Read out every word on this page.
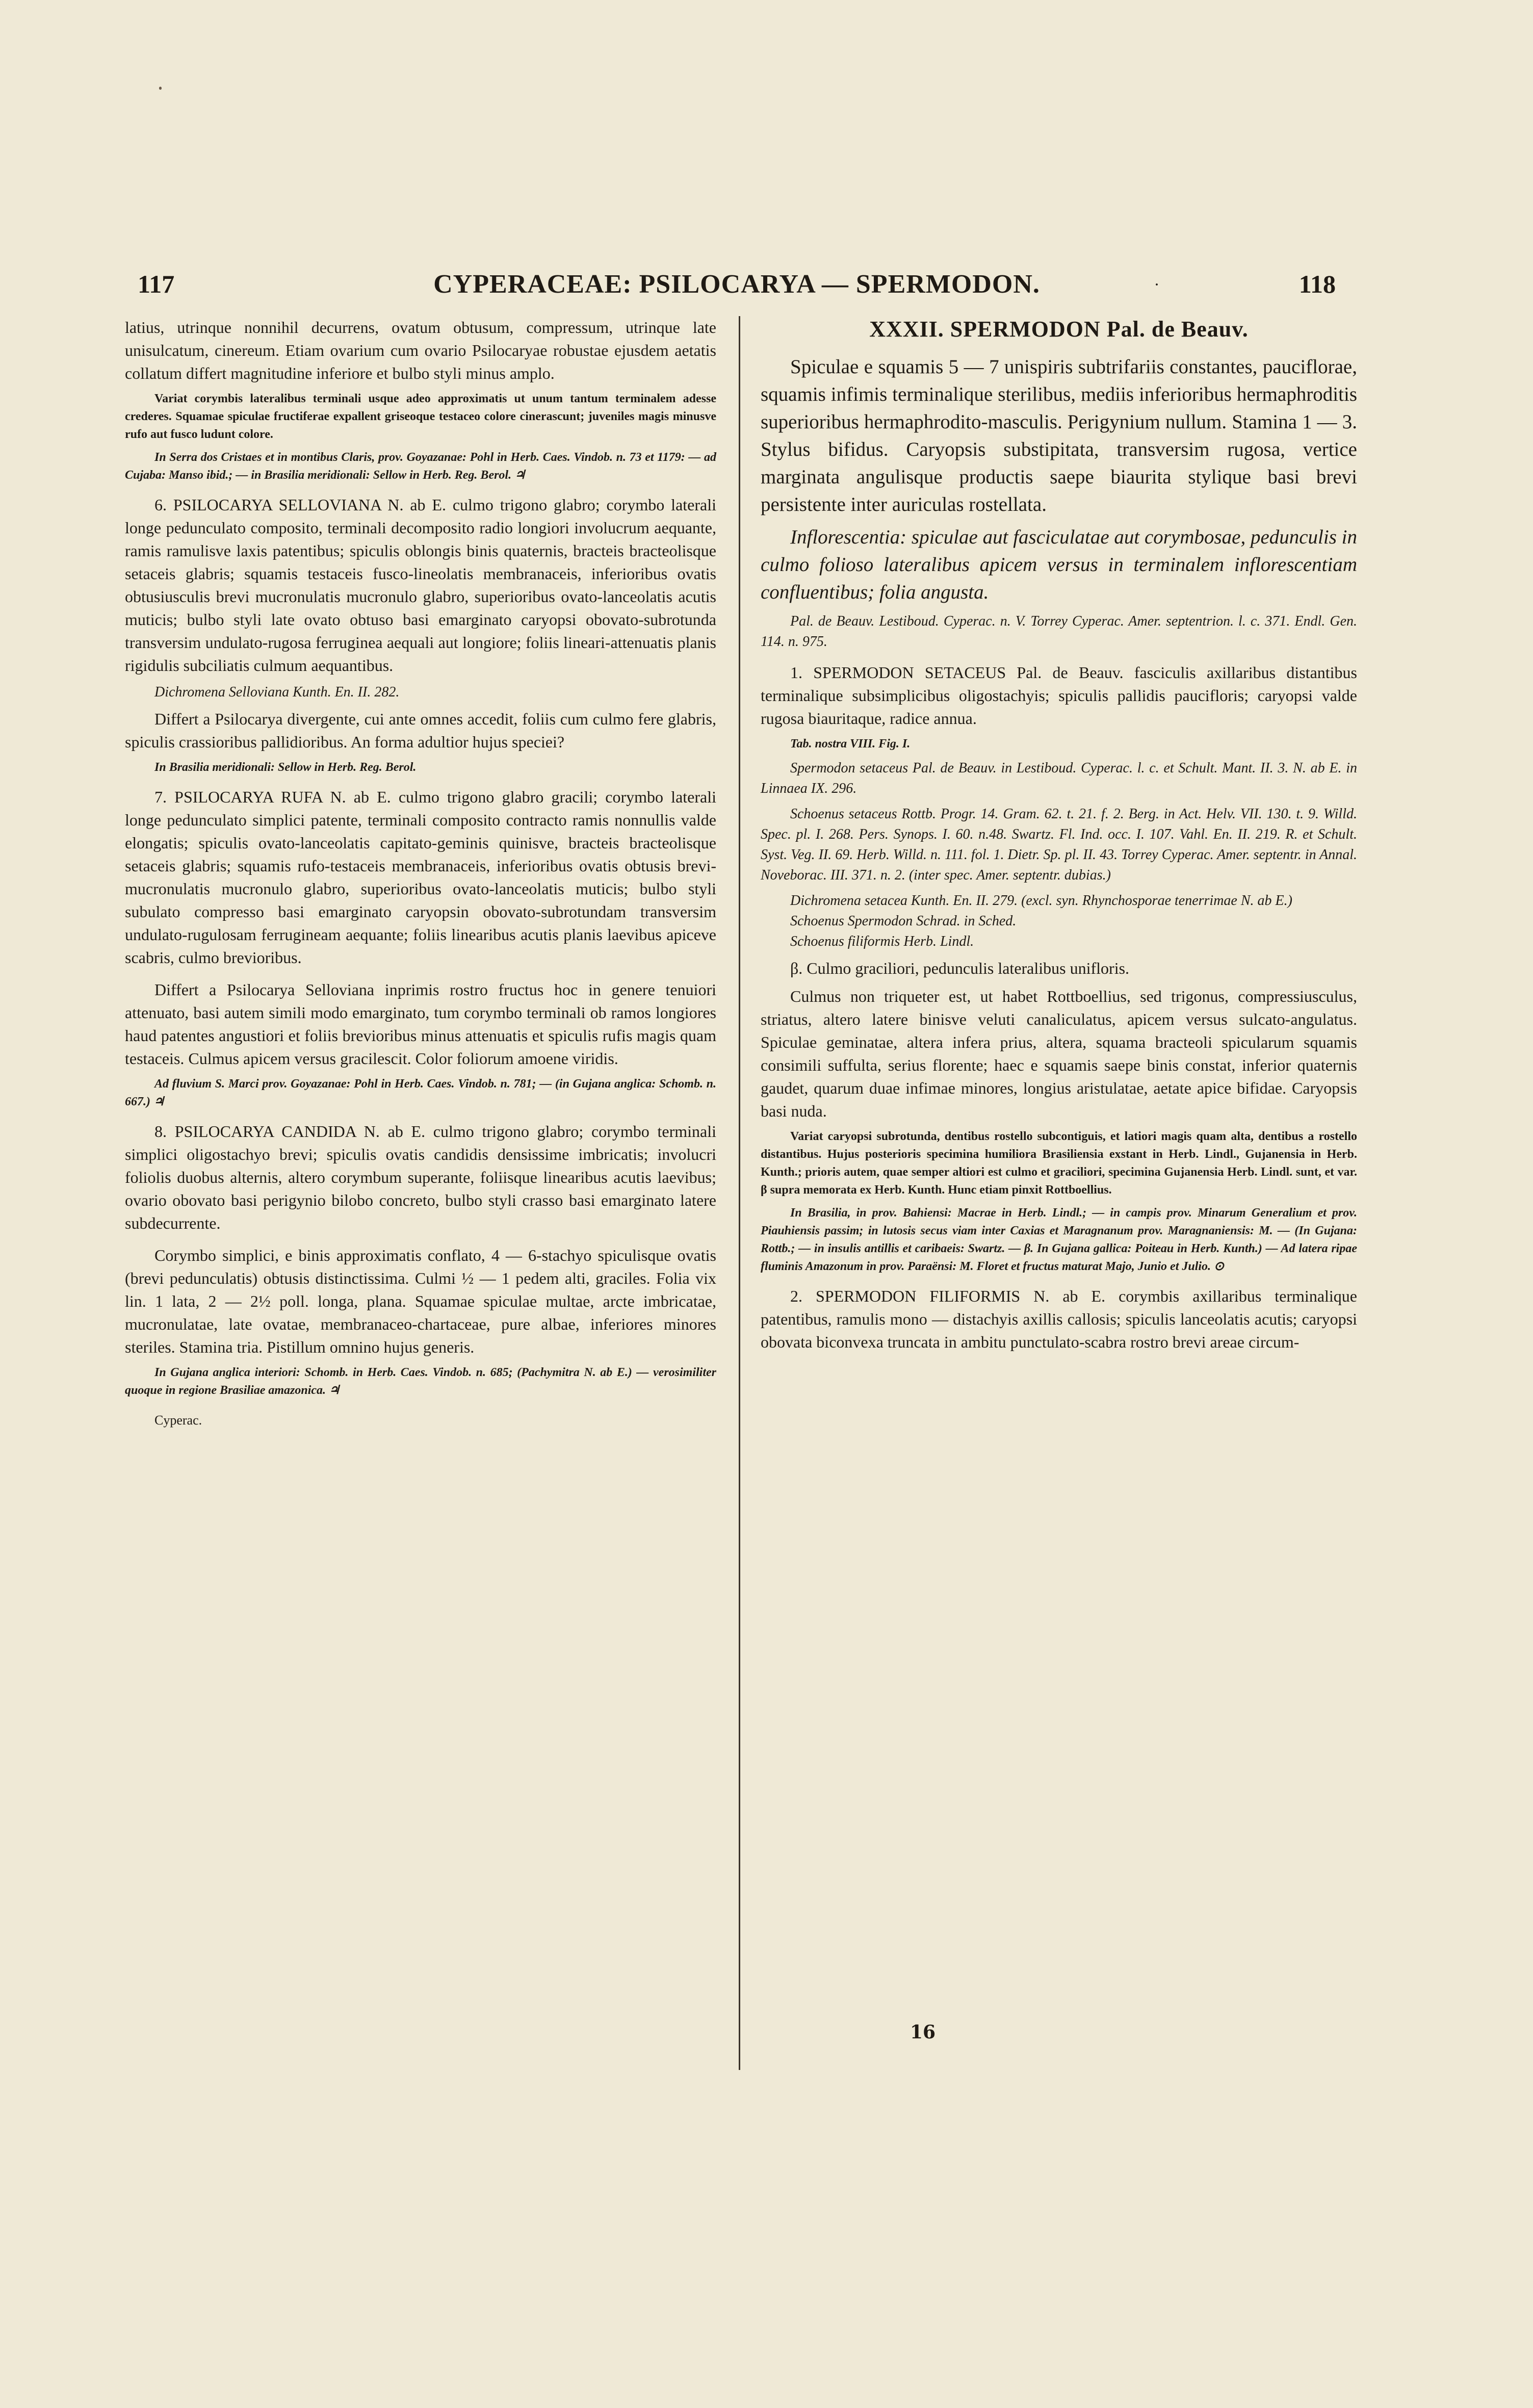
117	CYPERACEAE: PSILOCARYA — SPERMODON.	·	118

latius, utrinque nonnihil decurrens, ovatum obtusum, compressum, utrinque late unisulcatum, cinereum. Etiam ovarium cum ovario Psilocaryae robustae ejusdem aetatis collatum differt magnitudine inferiore et bulbo styli minus amplo.

Variat corymbis lateralibus terminali usque adeo approximatis ut unum tantum terminalem adesse crederes. Squamae spiculae fructiferae expallent griseoque testaceo colore cinerascunt; juveniles magis minusve rufo aut fusco ludunt colore.

In Serra dos Cristaes et in montibus Claris, prov. Goyazanae: Pohl in Herb. Caes. Vindob. n. 73 et 1179: — ad Cujaba: Manso ibid.; — in Brasilia meridionali: Sellow in Herb. Reg. Berol. ♃

6. PSILOCARYA SELLOVIANA N. ab E. culmo trigono glabro; corymbo laterali longe pedunculato composito, terminali decomposito radio longiori involucrum aequante, ramis ramulisve laxis patentibus; spiculis oblongis binis quaternis, bracteis bracteolisque setaceis glabris; squamis testaceis fusco-lineolatis membranaceis, inferioribus ovatis obtusiusculis brevi mucronulatis mucronulo glabro, superioribus ovato-lanceolatis acutis muticis; bulbo styli late ovato obtuso basi emarginato caryopsi obovato-subrotunda transversim undulato-rugosa ferruginea aequali aut longiore; foliis lineari-attenuatis planis rigidulis subciliatis culmum aequantibus.

Dichromena Selloviana Kunth. En. II. 282.

Differt a Psilocarya divergente, cui ante omnes accedit, foliis cum culmo fere glabris, spiculis crassioribus pallidioribus. An forma adultior hujus speciei?

In Brasilia meridionali: Sellow in Herb. Reg. Berol.

7. PSILOCARYA RUFA N. ab E. culmo trigono glabro gracili; corymbo laterali longe pedunculato simplici patente, terminali composito contracto ramis nonnullis valde elongatis; spiculis ovato-lanceolatis capitato-geminis quinisve, bracteis bracteolisque setaceis glabris; squamis rufo-testaceis membranaceis, inferioribus ovatis obtusis brevi-mucronulatis mucronulo glabro, superioribus ovato-lanceolatis muticis; bulbo styli subulato compresso basi emarginato caryopsin obovato-subrotundam transversim undulato-rugulosam ferrugineam aequante; foliis linearibus acutis planis laevibus apiceve scabris, culmo brevioribus.

Differt a Psilocarya Selloviana inprimis rostro fructus hoc in genere tenuiori attenuato, basi autem simili modo emarginato, tum corymbo terminali ob ramos longiores haud patentes angustiori et foliis brevioribus minus attenuatis et spiculis rufis magis quam testaceis. Culmus apicem versus gracilescit. Color foliorum amoene viridis.

Ad fluvium S. Marci prov. Goyazanae: Pohl in Herb. Caes. Vindob. n. 781; — (in Gujana anglica: Schomb. n. 667.) ♃

8. PSILOCARYA CANDIDA N. ab E. culmo trigono glabro; corymbo terminali simplici oligostachyo brevi; spiculis ovatis candidis densissime imbricatis; involucri foliolis duobus alternis, altero corymbum superante, foliisque linearibus acutis laevibus; ovario obovato basi perigynio bilobo concreto, bulbo styli crasso basi emarginato latere subdecurrente.

Corymbo simplici, e binis approximatis conflato, 4 — 6-stachyo spiculisque ovatis (brevi pedunculatis) obtusis distinctissima. Culmi ½ — 1 pedem alti, graciles. Folia vix lin. 1 lata, 2 — 2½ poll. longa, plana. Squamae spiculae multae, arcte imbricatae, mucronulatae, late ovatae, membranaceo-chartaceae, pure albae, inferiores minores steriles. Stamina tria. Pistillum omnino hujus generis.

In Gujana anglica interiori: Schomb. in Herb. Caes. Vindob. n. 685; (Pachymitra N. ab E.) — verosimiliter quoque in regione Brasiliae amazonica. ♃

Cyperac.

XXXII. SPERMODON Pal. de Beauv.

Spiculae e squamis 5 — 7 unispiris subtrifariis constantes, pauciflorae, squamis infimis terminalique sterilibus, mediis inferioribus hermaphroditis superioribus hermaphrodito-masculis. Perigynium nullum. Stamina 1 — 3. Stylus bifidus. Caryopsis substipitata, transversim rugosa, vertice marginata angulisque productis saepe biaurita stylique basi brevi persistente inter auriculas rostellata.

Inflorescentia: spiculae aut fasciculatae aut corymbosae, pedunculis in culmo folioso lateralibus apicem versus in terminalem inflorescentiam confluentibus; folia angusta.

Pal. de Beauv. Lestiboud. Cyperac. n. V. Torrey Cyperac. Amer. septentrion. l. c. 371. Endl. Gen. 114. n. 975.

1. SPERMODON SETACEUS Pal. de Beauv. fasciculis axillaribus distantibus terminalique subsimplicibus oligostachyis; spiculis pallidis paucifloris; caryopsi valde rugosa biauritaque, radice annua.

Tab. nostra VIII. Fig. I.

Spermodon setaceus Pal. de Beauv. in Lestiboud. Cyperac. l. c. et Schult. Mant. II. 3. N. ab E. in Linnaea IX. 296.

Schoenus setaceus Rottb. Progr. 14. Gram. 62. t. 21. f. 2. Berg. in Act. Helv. VII. 130. t. 9. Willd. Spec. pl. I. 268. Pers. Synops. I. 60. n.48. Swartz. Fl. Ind. occ. I. 107. Vahl. En. II. 219. R. et Schult. Syst. Veg. II. 69. Herb. Willd. n. 111. fol. 1. Dietr. Sp. pl. II. 43. Torrey Cyperac. Amer. septentr. in Annal. Noveborac. III. 371. n. 2. (inter spec. Amer. septentr. dubias.)

Dichromena setacea Kunth. En. II. 279. (excl. syn. Rhynchosporae tenerrimae N. ab E.)

Schoenus Spermodon Schrad. in Sched.

Schoenus filiformis Herb. Lindl.

β. Culmo graciliori, pedunculis lateralibus unifloris.

Culmus non triqueter est, ut habet Rottboellius, sed trigonus, compressiusculus, striatus, altero latere binisve veluti canaliculatus, apicem versus sulcato-angulatus. Spiculae geminatae, altera infera prius, altera, squama bracteoli spicularum squamis consimili suffulta, serius florente; haec e squamis saepe binis constat, inferior quaternis gaudet, quarum duae infimae minores, longius aristulatae, aetate apice bifidae. Caryopsis basi nuda.

Variat caryopsi subrotunda, dentibus rostello subcontiguis, et latiori magis quam alta, dentibus a rostello distantibus. Hujus posterioris specimina humiliora Brasiliensia exstant in Herb. Lindl., Gujanensia in Herb. Kunth.; prioris autem, quae semper altiori est culmo et graciliori, specimina Gujanensia Herb. Lindl. sunt, et var. β supra memorata ex Herb. Kunth. Hunc etiam pinxit Rottboellius.

In Brasilia, in prov. Bahiensi: Macrae in Herb. Lindl.; — in campis prov. Minarum Generalium et prov. Piauhiensis passim; in lutosis secus viam inter Caxias et Maragnanum prov. Maragnaniensis: M. — (In Gujana: Rottb.; — in insulis antillis et caribaeis: Swartz. — β. In Gujana gallica: Poiteau in Herb. Kunth.) — Ad latera ripae fluminis Amazonum in prov. Paraënsi: M. Floret et fructus maturat Majo, Junio et Julio. ⊙

2. SPERMODON FILIFORMIS N. ab E. corymbis axillaribus terminalique patentibus, ramulis mono — distachyis axillis callosis; spiculis lanceolatis acutis; caryopsi obovata biconvexa truncata in ambitu punctulato-scabra rostro brevi areae circum-

16
